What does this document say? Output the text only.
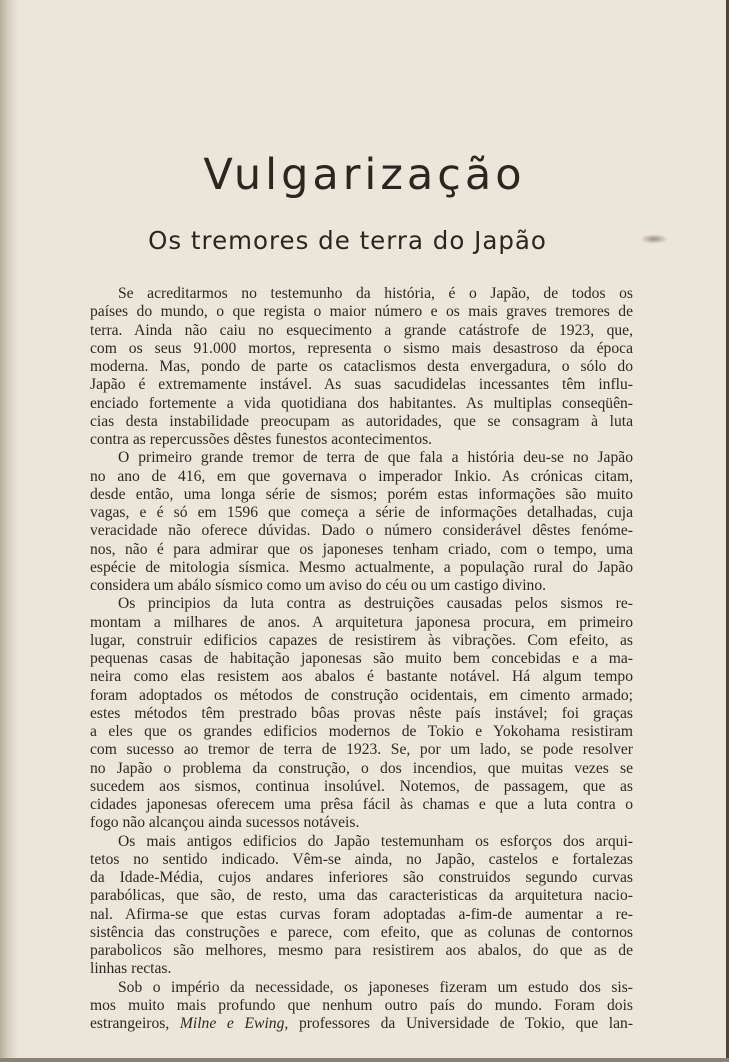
Vulgarização
Os tremores de terra do Japão
Se acreditarmos no testemunho da história, é o Japão, de todos os
países do mundo, o que regista o maior número e os mais graves tremores de
terra. Ainda não caiu no esquecimento a grande catástrofe de 1923, que,
com os seus 91.000 mortos, representa o sismo mais desastroso da época
moderna. Mas, pondo de parte os cataclismos desta envergadura, o sólo do
Japão é extremamente instável. As suas sacudidelas incessantes têm influ-
enciado fortemente a vida quotidiana dos habitantes. As multiplas conseqüên-
cias desta instabilidade preocupam as autoridades, que se consagram à luta
contra as repercussões dêstes funestos acontecimentos.
O primeiro grande tremor de terra de que fala a história deu-se no Japão
no ano de 416, em que governava o imperador Inkio. As crónicas citam,
desde então, uma longa série de sismos; porém estas informações são muito
vagas, e é só em 1596 que começa a série de informações detalhadas, cuja
veracidade não oferece dúvidas. Dado o número considerável dêstes fenóme-
nos, não é para admirar que os japoneses tenham criado, com o tempo, uma
espécie de mitologia sísmica. Mesmo actualmente, a população rural do Japão
considera um abálo sísmico como um aviso do céu ou um castigo divino.
Os principios da luta contra as destruições causadas pelos sismos re-
montam a milhares de anos. A arquitetura japonesa procura, em primeiro
lugar, construir edificios capazes de resistirem às vibrações. Com efeito, as
pequenas casas de habitação japonesas são muito bem concebidas e a ma-
neira como elas resistem aos abalos é bastante notável. Há algum tempo
foram adoptados os métodos de construção ocidentais, em cimento armado;
estes métodos têm prestrado bôas provas nêste país instável; foi graças
a eles que os grandes edificios modernos de Tokio e Yokohama resistiram
com sucesso ao tremor de terra de 1923. Se, por um lado, se pode resolver
no Japão o problema da construção, o dos incendios, que muitas vezes se
sucedem aos sismos, continua insolúvel. Notemos, de passagem, que as
cidades japonesas oferecem uma prêsa fácil às chamas e que a luta contra o
fogo não alcançou ainda sucessos notáveis.
Os mais antigos edificios do Japão testemunham os esforços dos arqui-
tetos no sentido indicado. Vêm-se ainda, no Japão, castelos e fortalezas
da Idade-Média, cujos andares inferiores são construidos segundo curvas
parabólicas, que são, de resto, uma das caracteristicas da arquitetura nacio-
nal. Afirma-se que estas curvas foram adoptadas a-fim-de aumentar a re-
sistência das construções e parece, com efeito, que as colunas de contornos
parabolicos são melhores, mesmo para resistirem aos abalos, do que as de
linhas rectas.
Sob o império da necessidade, os japoneses fizeram um estudo dos sis-
mos muito mais profundo que nenhum outro país do mundo. Foram dois
estrangeiros, Milne e Ewing, professores da Universidade de Tokio, que lan-
